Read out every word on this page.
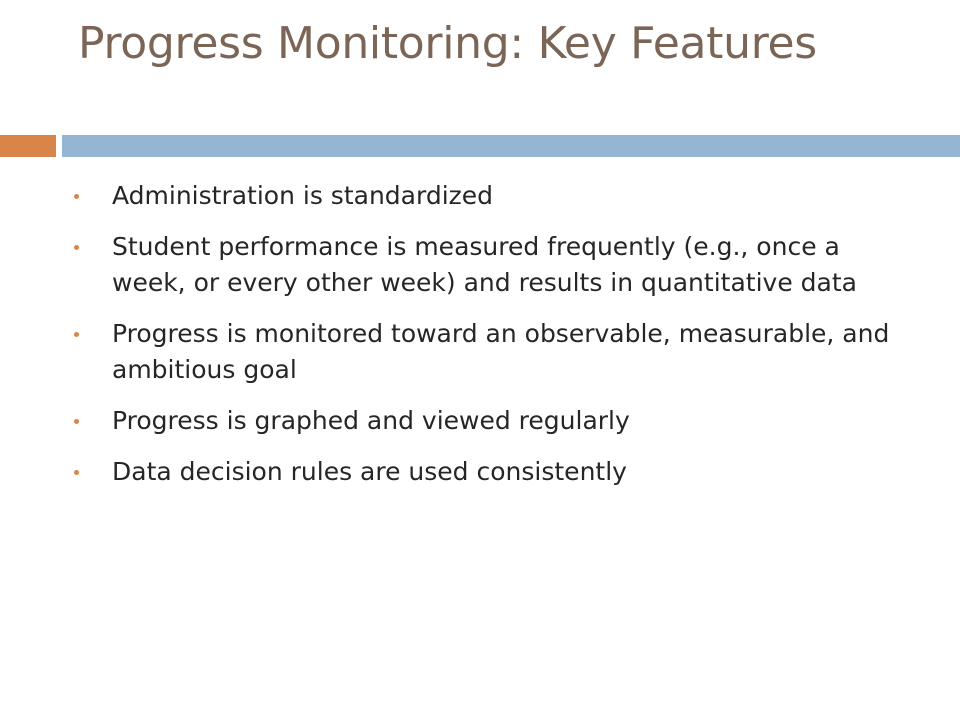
Progress Monitoring: Key Features
Administration is standardized
Student performance is measured frequently (e.g., once a week, or every other week) and results in quantitative data
Progress is monitored toward an observable, measurable, and ambitious goal
Progress is graphed and viewed regularly
Data decision rules are used consistently
